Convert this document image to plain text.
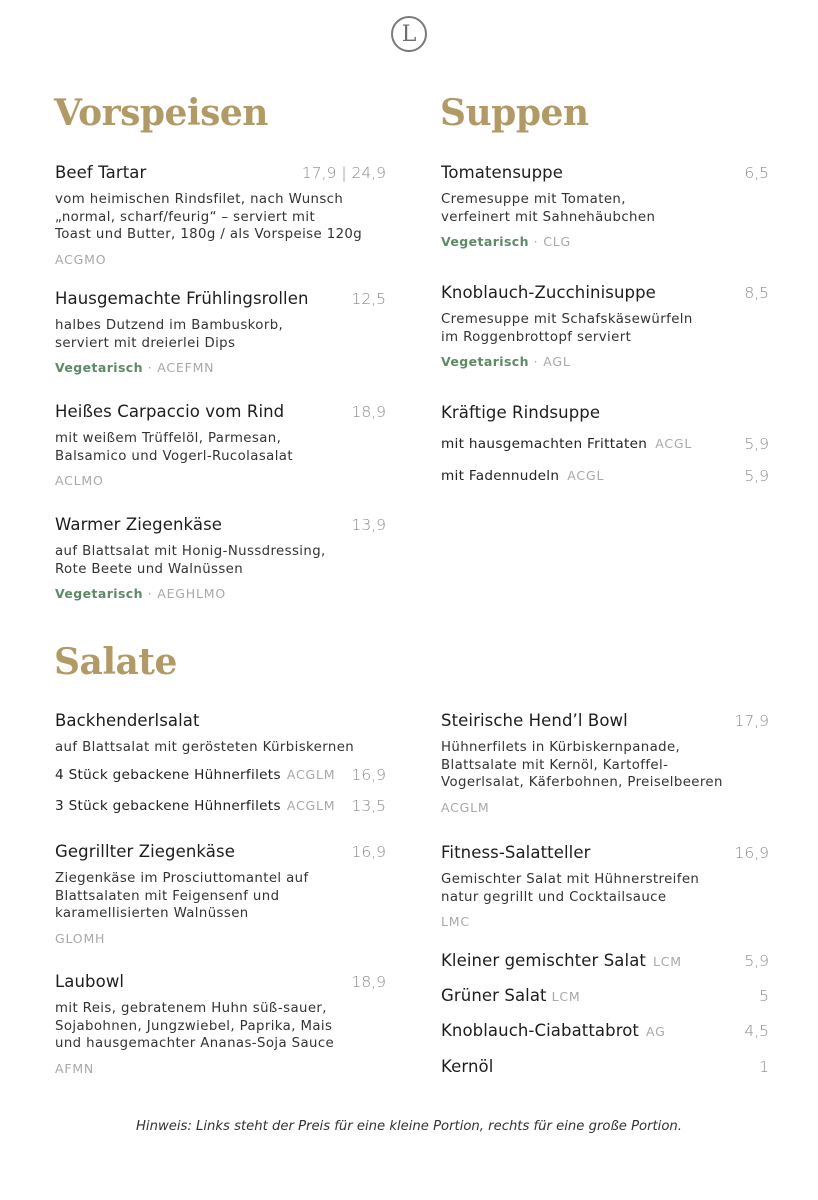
L
Vorspeisen
Beef Tartar	17,9 | 24,9
vom heimischen Rindsfilet, nach Wunsch
„normal, scharf/feurig“ – serviert mit
Toast und Butter, 180g / als Vorspeise 120g
ACGMO
Hausgemachte Frühlingsrollen	12,5
halbes Dutzend im Bambuskorb,
serviert mit dreierlei Dips
Vegetarisch · ACEFMN
Heißes Carpaccio vom Rind	18,9
mit weißem Trüffelöl, Parmesan,
Balsamico und Vogerl-Rucolasalat
ACLMO
Warmer Ziegenkäse	13,9
auf Blattsalat mit Honig-Nussdressing,
Rote Beete und Walnüssen
Vegetarisch · AEGHLMO
Suppen
Tomatensuppe	6,5
Cremesuppe mit Tomaten,
verfeinert mit Sahnehäubchen
Vegetarisch · CLG
Knoblauch-Zucchinisuppe	8,5
Cremesuppe mit Schafskäsewürfeln
im Roggenbrottopf serviert
Vegetarisch · AGL
Kräftige Rindsuppe
mit hausgemachten Frittaten ACGL	5,9
mit Fadennudeln ACGL	5,9
Salate
Backhenderlsalat
auf Blattsalat mit gerösteten Kürbiskernen
4 Stück gebackene Hühnerfilets ACGLM 16,9
3 Stück gebackene Hühnerfilets ACGLM 13,5
Gegrillter Ziegenkäse	16,9
Ziegenkäse im Prosciuttomantel auf
Blattsalaten mit Feigensenf und
karamellisierten Walnüssen
GLOMH
Laubowl	18,9
mit Reis, gebratenem Huhn süß-sauer,
Sojabohnen, Jungzwiebel, Paprika, Mais
und hausgemachter Ananas-Soja Sauce
AFMN
Steirische Hend’l Bowl	17,9
Hühnerfilets in Kürbiskernpanade,
Blattsalate mit Kernöl, Kartoffel-
Vogerlsalat, Käferbohnen, Preiselbeeren
ACGLM
Fitness-Salatteller	16,9
Gemischter Salat mit Hühnerstreifen
natur gegrillt und Cocktailsauce
LMC
Kleiner gemischter Salat LCM	5,9
Grüner Salat LCM	5
Knoblauch-Ciabattabrot AG	4,5
Kernöl	1
Hinweis: Links steht der Preis für eine kleine Portion, rechts für eine große Portion.
